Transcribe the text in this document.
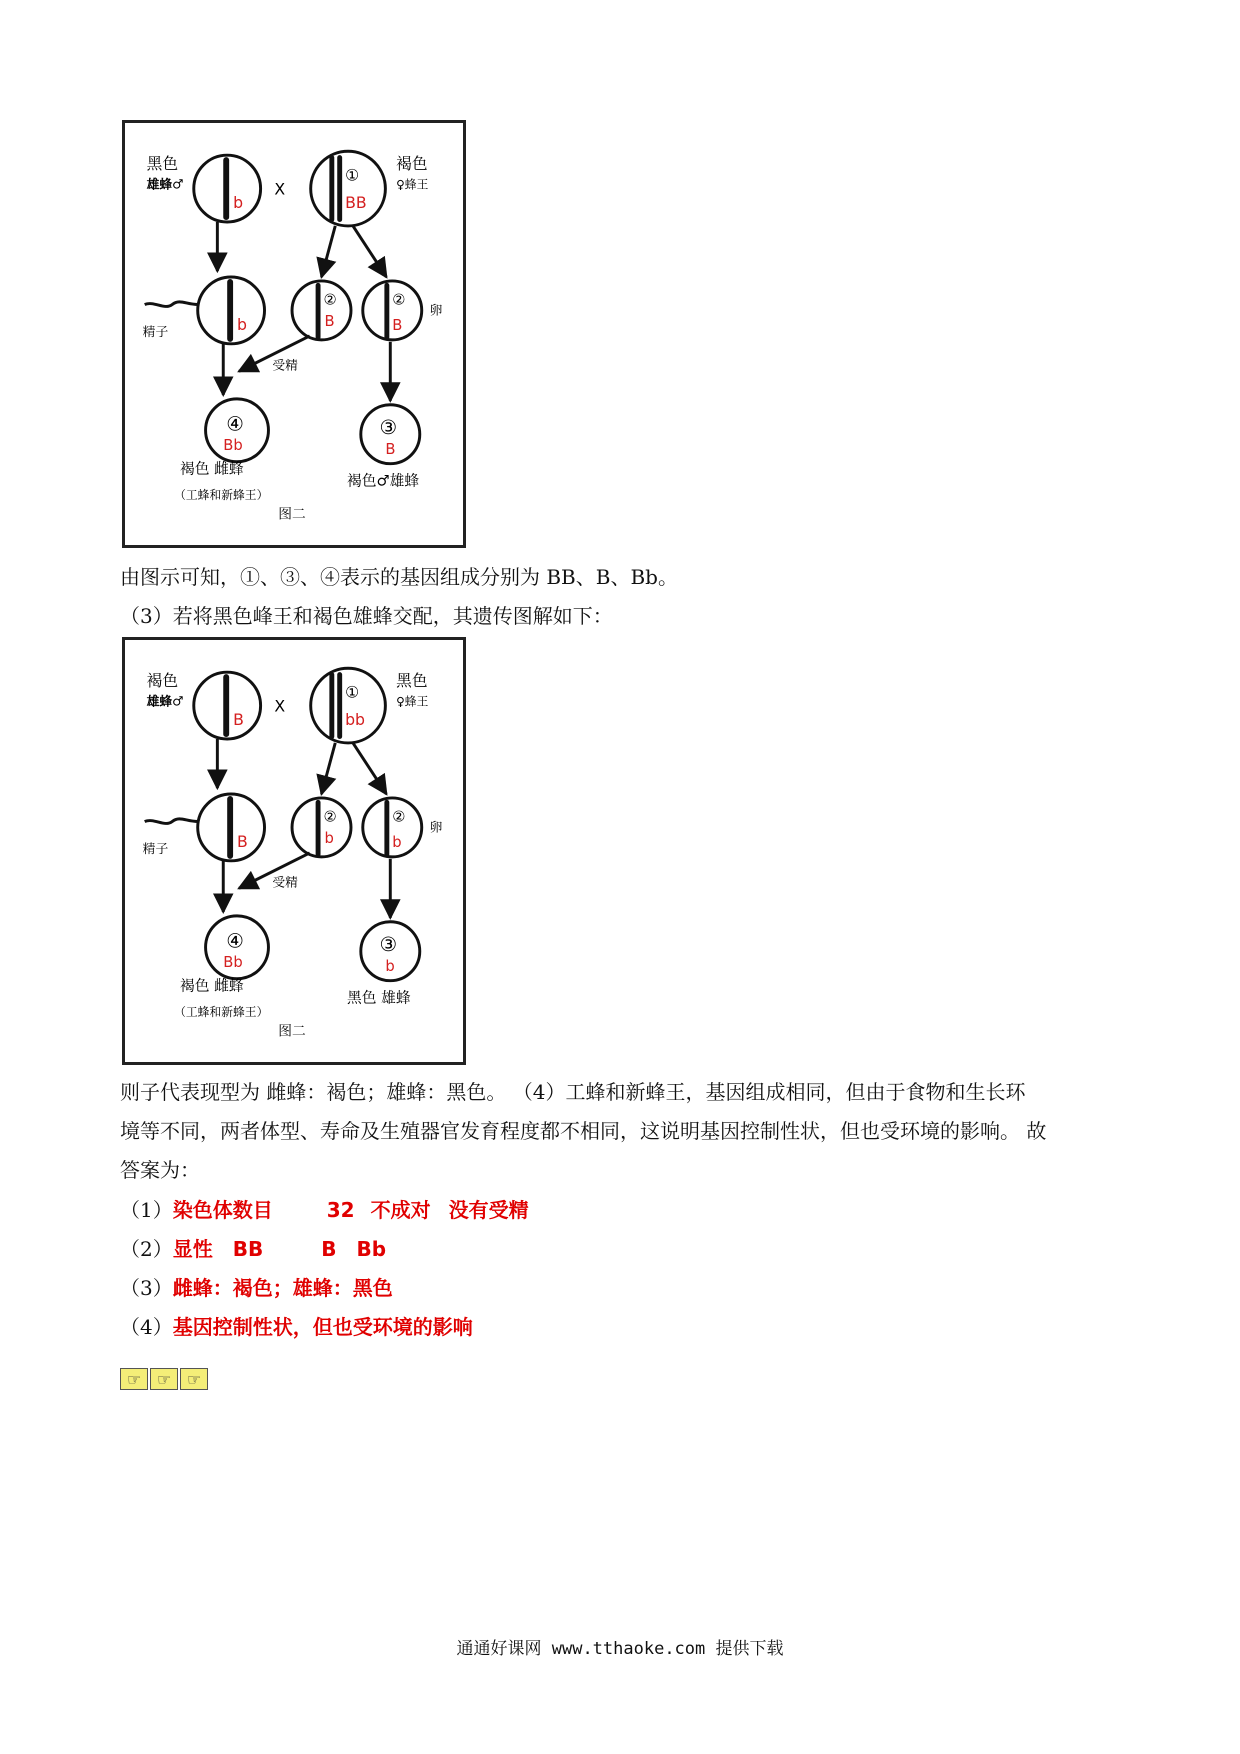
黑色
雄蜂♂	X
褐色
♀蜂王
b
①
BB
精子	b
②
B
②
B
卵
受精
④
Bb
褐色 雌蜂
（工蜂和新蜂王）
③
B
褐色♂雄蜂
图二
由图示可知，①、③、④表示的基因组成分别为 BB、B、Bb。
（3）若将黑色峰王和褐色雄蜂交配，其遗传图解如下：
褐色
雄蜂♂	X
黑色
♀蜂王
B
①
bb
精子	B
②
b
②
b
卵
受精
④
Bb
褐色 雌蜂
（工蜂和新蜂王）
③
b
黑色 雄蜂
图二
则子代表现型为 雌蜂：褐色；雄蜂：黑色。 （4）工蜂和新蜂王，基因组成相同，但由于食物和生长环
境等不同，两者体型、寿命及生殖器官发育程度都不相同，这说明基因控制性状，但也受环境的影响。 故
答案为：
（1）染色体数目	32 不成对 没有受精
（2）显性 BB	B Bb
（3）雌蜂：褐色；雄蜂：黑色
（4）基因控制性状，但也受环境的影响
☞ ☞ ☞
通通好课网 www.tthaoke.com 提供下载
